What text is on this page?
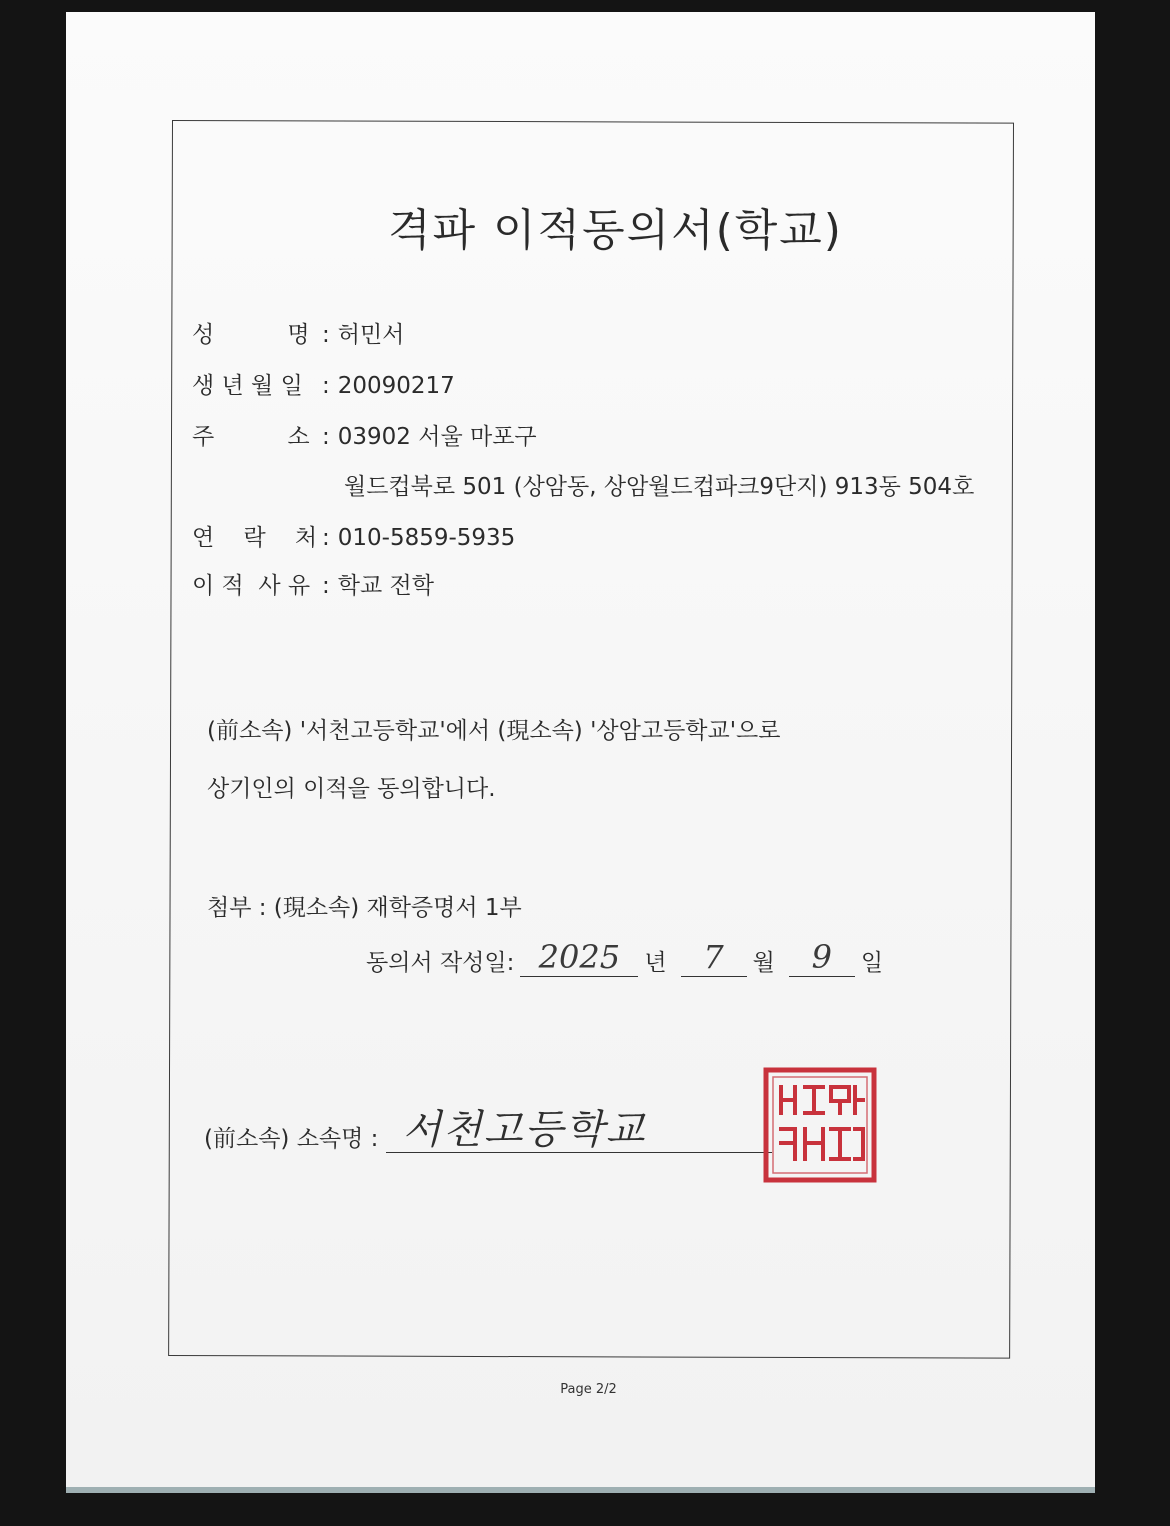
격파 이적동의서(학교)
성          명 : 허민서
생 년 월 일 : 20090217
주          소 : 03902 서울 마포구
월드컵북로 501 (상암동, 상암월드컵파크9단지) 913동 504호
연    락    처 : 010-5859-5935
이 적  사 유 : 학교 전학
(前소속) '서천고등학교'에서 (現소속) '상암고등학교'으로
상기인의 이적을 동의합니다.
첨부 : (現소속) 재학증명서 1부
동의서 작성일: 2025	년	7	월	9	일
(前소속) 소속명 : 서천고등학교
Page 2/2
